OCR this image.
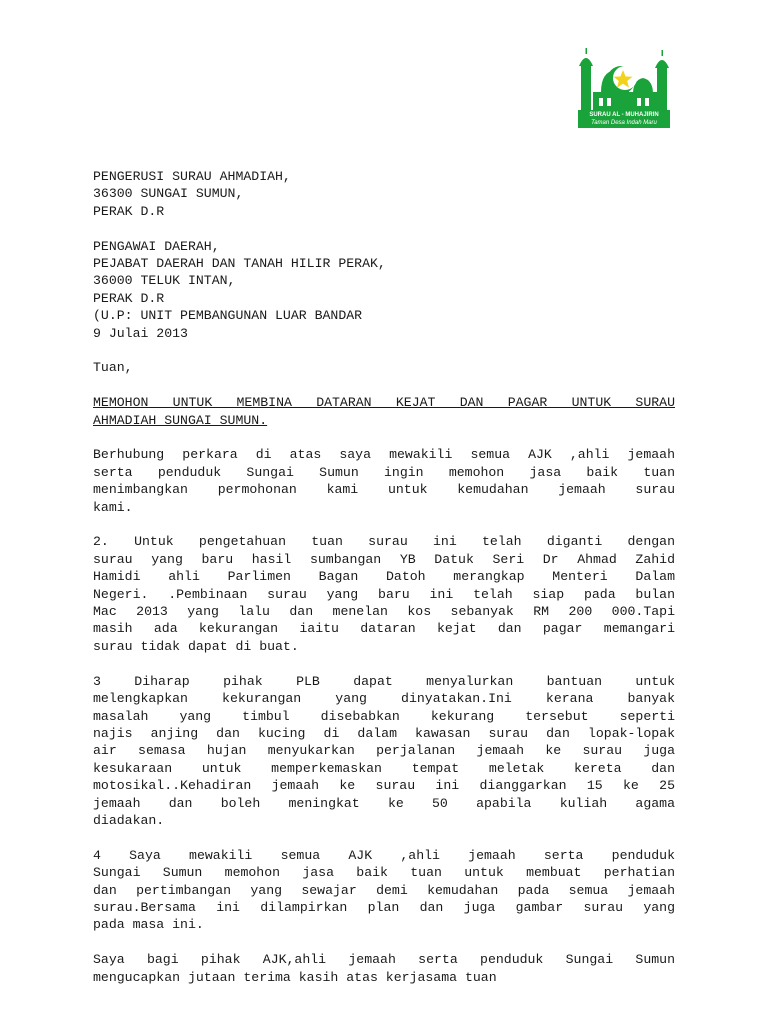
SURAU AL - MUHAJIRIN
Taman Desa Indah Maru
PENGERUSI SURAU AHMADIAH,
36300 SUNGAI SUMUN,
PERAK D.R
PENGAWAI DAERAH,
PEJABAT DAERAH DAN TANAH HILIR PERAK,
36000 TELUK INTAN,
PERAK D.R
(U.P: UNIT PEMBANGUNAN LUAR BANDAR
9 Julai 2013
Tuan,
MEMOHON UNTUK MEMBINA DATARAN KEJAT DAN PAGAR UNTUK SURAU
AHMADIAH SUNGAI SUMUN.
Berhubung perkara di atas saya mewakili semua AJK ,ahli jemaah
serta penduduk Sungai Sumun ingin memohon jasa baik tuan
menimbangkan permohonan kami untuk kemudahan jemaah surau
kami.
2. Untuk pengetahuan tuan surau ini telah diganti dengan
surau yang baru hasil sumbangan YB Datuk Seri Dr Ahmad Zahid
Hamidi ahli Parlimen Bagan Datoh merangkap Menteri Dalam
Negeri. .Pembinaan surau yang baru ini telah siap pada bulan
Mac 2013 yang lalu dan menelan kos sebanyak RM 200 000.Tapi
masih ada kekurangan iaitu dataran kejat dan pagar memangari
surau tidak dapat di buat.
3 Diharap pihak PLB dapat menyalurkan bantuan untuk
melengkapkan kekurangan yang dinyatakan.Ini kerana banyak
masalah yang timbul disebabkan kekurang tersebut seperti
najis anjing dan kucing di dalam kawasan surau dan lopak-lopak
air semasa hujan menyukarkan perjalanan jemaah ke surau juga
kesukaraan untuk memperkemaskan tempat meletak kereta dan
motosikal..Kehadiran jemaah ke surau ini dianggarkan 15 ke 25
jemaah dan boleh meningkat ke 50 apabila kuliah agama
diadakan.
4 Saya mewakili semua AJK ,ahli jemaah serta penduduk
Sungai Sumun memohon jasa baik tuan untuk membuat perhatian
dan pertimbangan yang sewajar demi kemudahan pada semua jemaah
surau.Bersama ini dilampirkan plan dan juga gambar surau yang
pada masa ini.
Saya bagi pihak AJK,ahli jemaah serta penduduk Sungai Sumun
mengucapkan jutaan terima kasih atas kerjasama tuan
